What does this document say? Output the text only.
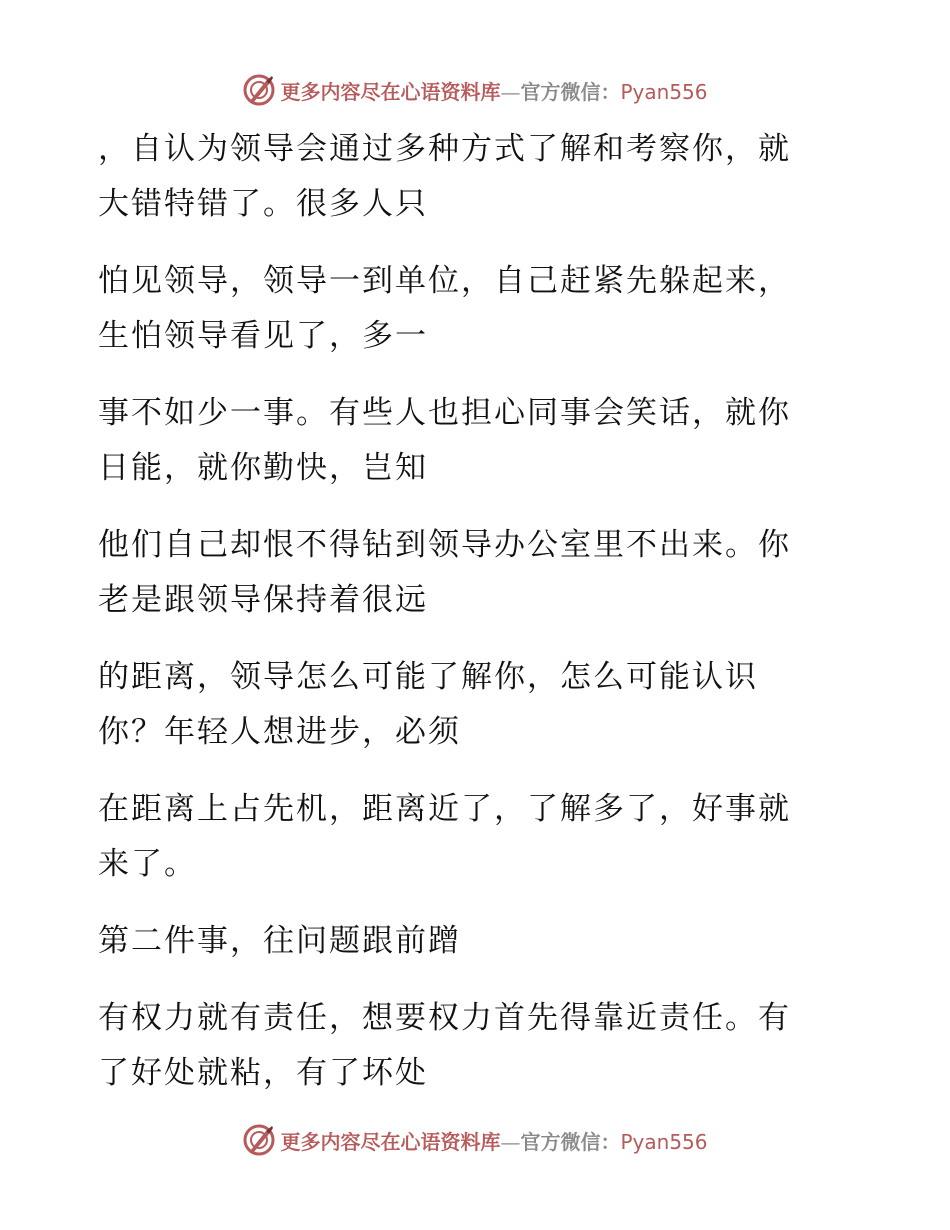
更多内容尽在心语资料库—官方微信：Pyan556

，自认为领导会通过多种方式了解和考察你，就
大错特错了。很多人只

怕见领导，领导一到单位，自己赶紧先躲起来，
生怕领导看见了，多一

事不如少一事。有些人也担心同事会笑话，就你
日能，就你勤快，岂知

他们自己却恨不得钻到领导办公室里不出来。你
老是跟领导保持着很远

的距离，领导怎么可能了解你，怎么可能认识
你？年轻人想进步，必须

在距离上占先机，距离近了，了解多了，好事就
来了。

第二件事，往问题跟前蹭

有权力就有责任，想要权力首先得靠近责任。有
了好处就粘，有了坏处

更多内容尽在心语资料库—官方微信：Pyan556
